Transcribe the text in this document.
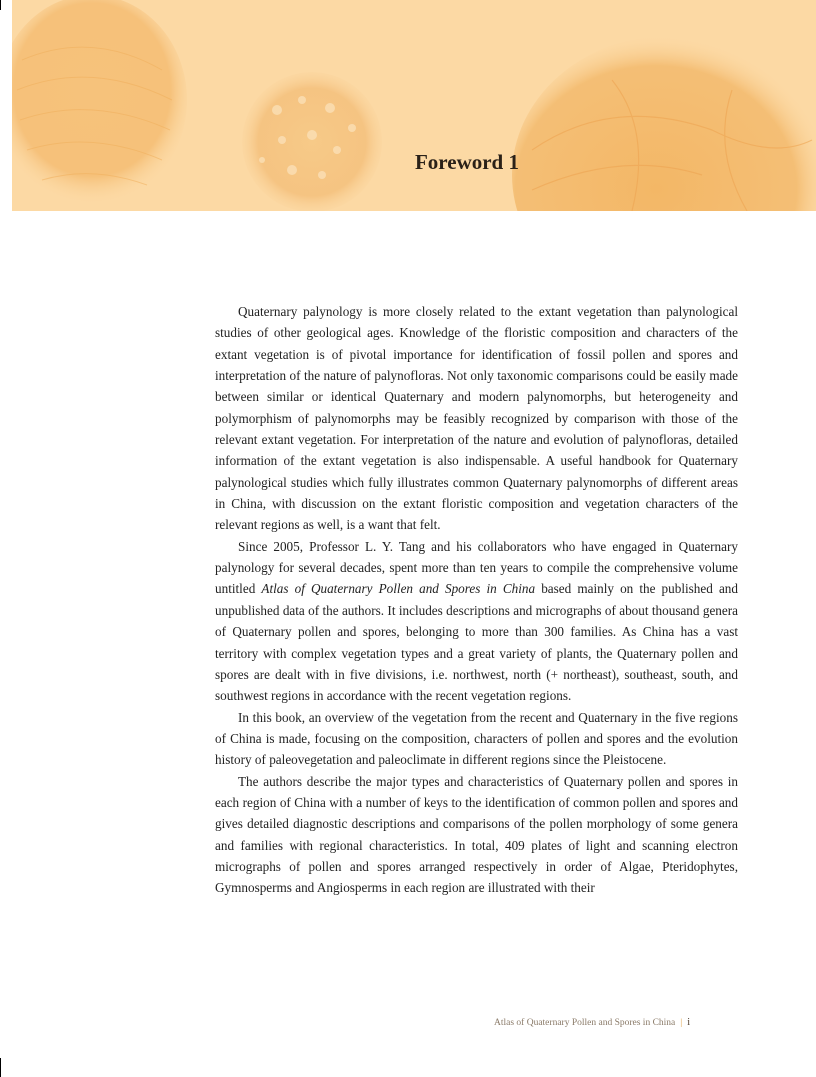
Foreword 1

Quaternary palynology is more closely related to the extant vegetation than palynological studies of other geological ages. Knowledge of the floristic composition and characters of the extant vegetation is of pivotal importance for identification of fossil pollen and spores and interpretation of the nature of palynofloras. Not only taxonomic comparisons could be easily made between similar or identical Quaternary and modern palynomorphs, but heterogeneity and polymorphism of palynomorphs may be feasibly recognized by comparison with those of the relevant extant vegetation. For interpretation of the nature and evolution of palynofloras, detailed information of the extant vegetation is also indispensable. A useful handbook for Quaternary palynological studies which fully illustrates common Quaternary palynomorphs of different areas in China, with discussion on the extant floristic composition and vegetation characters of the relevant regions as well, is a want that felt.

Since 2005, Professor L. Y. Tang and his collaborators who have engaged in Quaternary palynology for several decades, spent more than ten years to compile the comprehensive volume untitled Atlas of Quaternary Pollen and Spores in China based mainly on the published and unpublished data of the authors. It includes descriptions and micrographs of about thousand genera of Quaternary pollen and spores, belonging to more than 300 families. As China has a vast territory with complex vegetation types and a great variety of plants, the Quaternary pollen and spores are dealt with in five divisions, i.e. northwest, north (+ northeast), southeast, south, and southwest regions in accordance with the recent vegetation regions.

In this book, an overview of the vegetation from the recent and Quaternary in the five regions of China is made, focusing on the composition, characters of pollen and spores and the evolution history of paleovegetation and paleoclimate in different regions since the Pleistocene.

The authors describe the major types and characteristics of Quaternary pollen and spores in each region of China with a number of keys to the identification of common pollen and spores and gives detailed diagnostic descriptions and comparisons of the pollen morphology of some genera and families with regional characteristics. In total, 409 plates of light and scanning electron micrographs of pollen and spores arranged respectively in order of Algae, Pteridophytes, Gymnosperms and Angiosperms in each region are illustrated with their

Atlas of Quaternary Pollen and Spores in China | i
